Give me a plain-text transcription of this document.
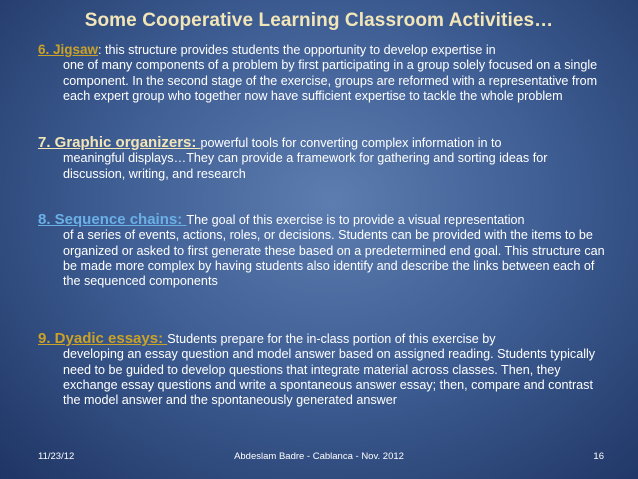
Some Cooperative Learning Classroom Activities…
6. Jigsaw: this structure provides students the opportunity to develop expertise in
one of many components of a problem by first participating in a group solely focused on a single component. In the second stage of the exercise, groups are reformed with a representative from each expert group who together now have sufficient expertise to tackle the whole problem
7. Graphic organizers: powerful tools for converting complex information in to
meaningful displays…They can provide a framework for gathering and sorting ideas for discussion, writing, and research
8. Sequence chains: The goal of this exercise is to provide a visual representation
of a series of events, actions, roles, or decisions. Students can be provided with the items to be organized or asked to first generate these based on a predetermined end goal. This structure can be made more complex by having students also identify and describe the links between each of the sequenced components
9. Dyadic essays: Students prepare for the in-class portion of this exercise by
developing an essay question and model answer based on assigned reading. Students typically need to be guided to develop questions that integrate material across classes. Then, they exchange essay questions and write a spontaneous answer essay; then, compare and contrast the model answer and the spontaneously generated answer
11/23/12	Abdeslam Badre - Cablanca - Nov. 2012	16
